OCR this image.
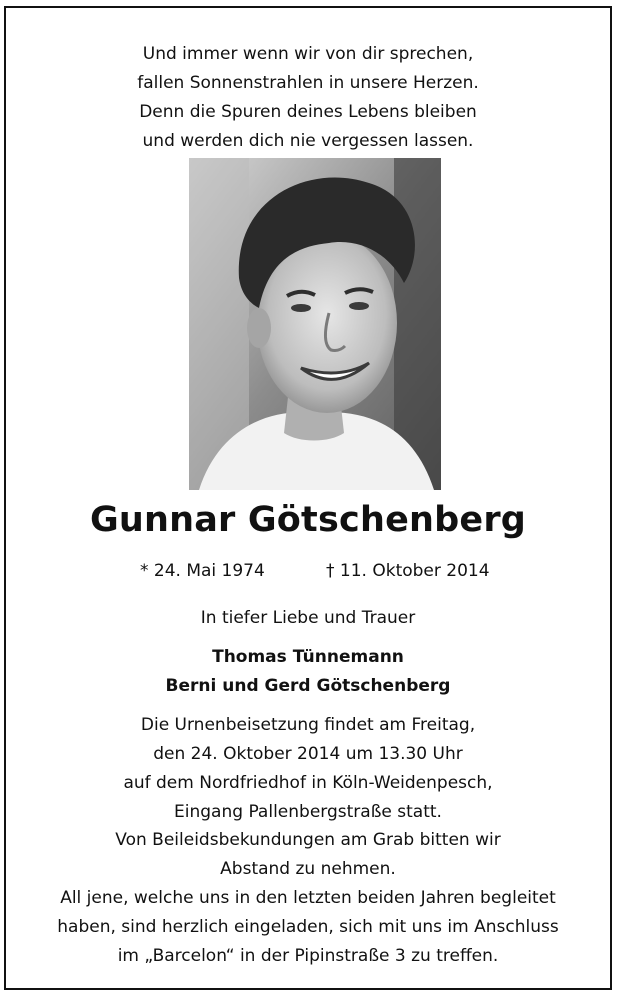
Und immer wenn wir von dir sprechen,
fallen Sonnenstrahlen in unsere Herzen.
Denn die Spuren deines Lebens bleiben
und werden dich nie vergessen lassen.
Gunnar Götschenberg
* 24. Mai 1974	† 11. Oktober 2014
In tiefer Liebe und Trauer
Thomas Tünnemann
Berni und Gerd Götschenberg
Die Urnenbeisetzung findet am Freitag,
den 24. Oktober 2014 um 13.30 Uhr
auf dem Nordfriedhof in Köln-Weidenpesch,
Eingang Pallenbergstraße statt.
Von Beileidsbekundungen am Grab bitten wir
Abstand zu nehmen.
All jene, welche uns in den letzten beiden Jahren begleitet
haben, sind herzlich eingeladen, sich mit uns im Anschluss
im „Barcelon“ in der Pipinstraße 3 zu treffen.
